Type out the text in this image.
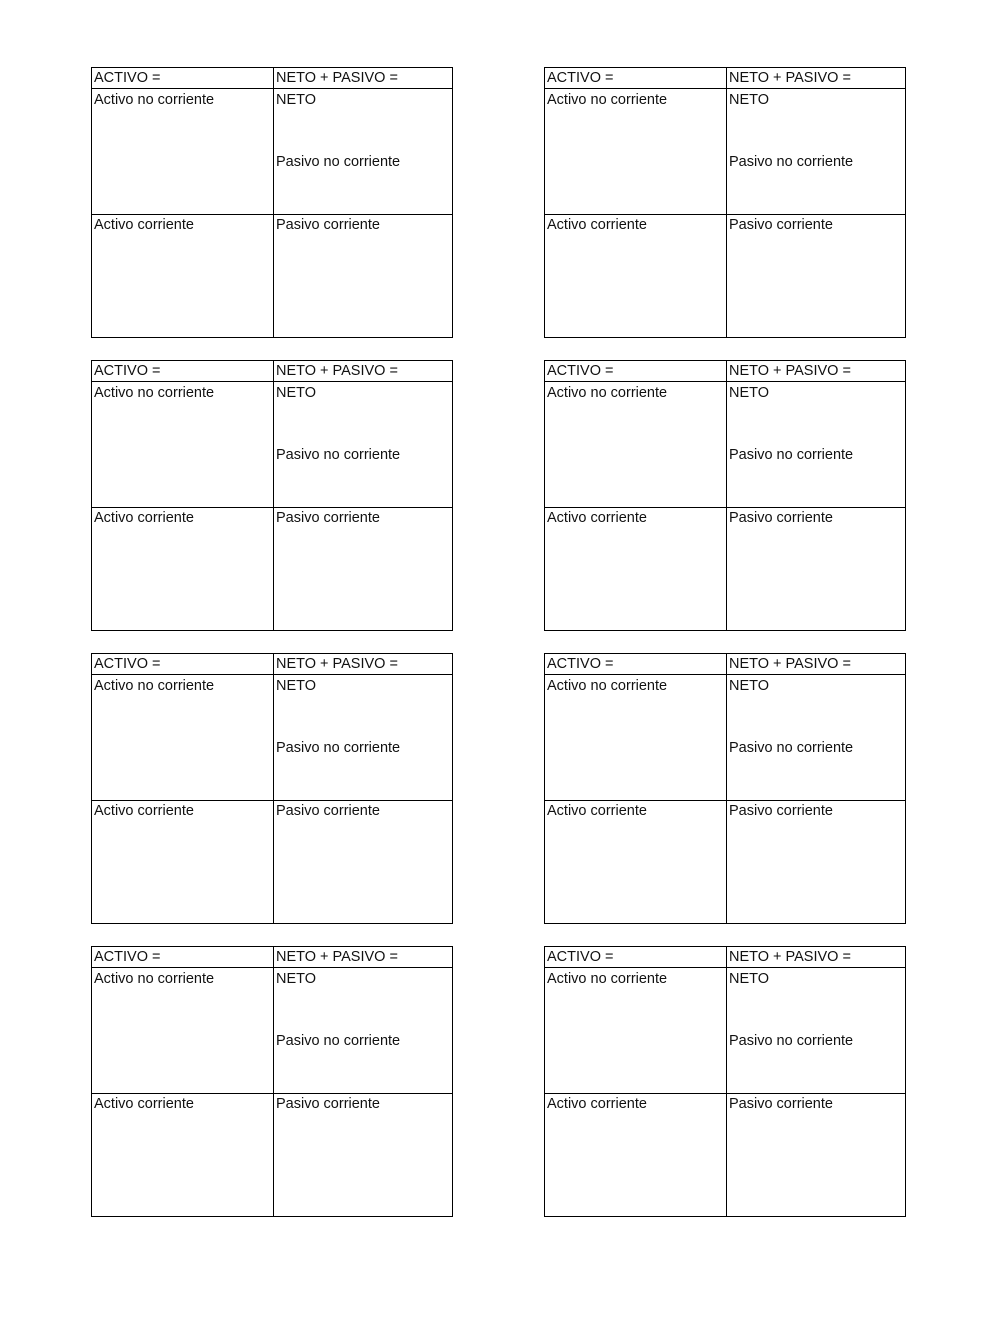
ACTIVO =	NETO + PASIVO =
Activo no corriente	NETO
Pasivo no corriente
Activo corriente	Pasivo corriente
ACTIVO =	NETO + PASIVO =
Activo no corriente	NETO
Pasivo no corriente
Activo corriente	Pasivo corriente
ACTIVO =	NETO + PASIVO =
Activo no corriente	NETO
Pasivo no corriente
Activo corriente	Pasivo corriente
ACTIVO =	NETO + PASIVO =
Activo no corriente	NETO
Pasivo no corriente
Activo corriente	Pasivo corriente
ACTIVO =	NETO + PASIVO =
Activo no corriente	NETO
Pasivo no corriente
Activo corriente	Pasivo corriente
ACTIVO =	NETO + PASIVO =
Activo no corriente	NETO
Pasivo no corriente
Activo corriente	Pasivo corriente
ACTIVO =	NETO + PASIVO =
Activo no corriente	NETO
Pasivo no corriente
Activo corriente	Pasivo corriente
ACTIVO =	NETO + PASIVO =
Activo no corriente	NETO
Pasivo no corriente
Activo corriente	Pasivo corriente
